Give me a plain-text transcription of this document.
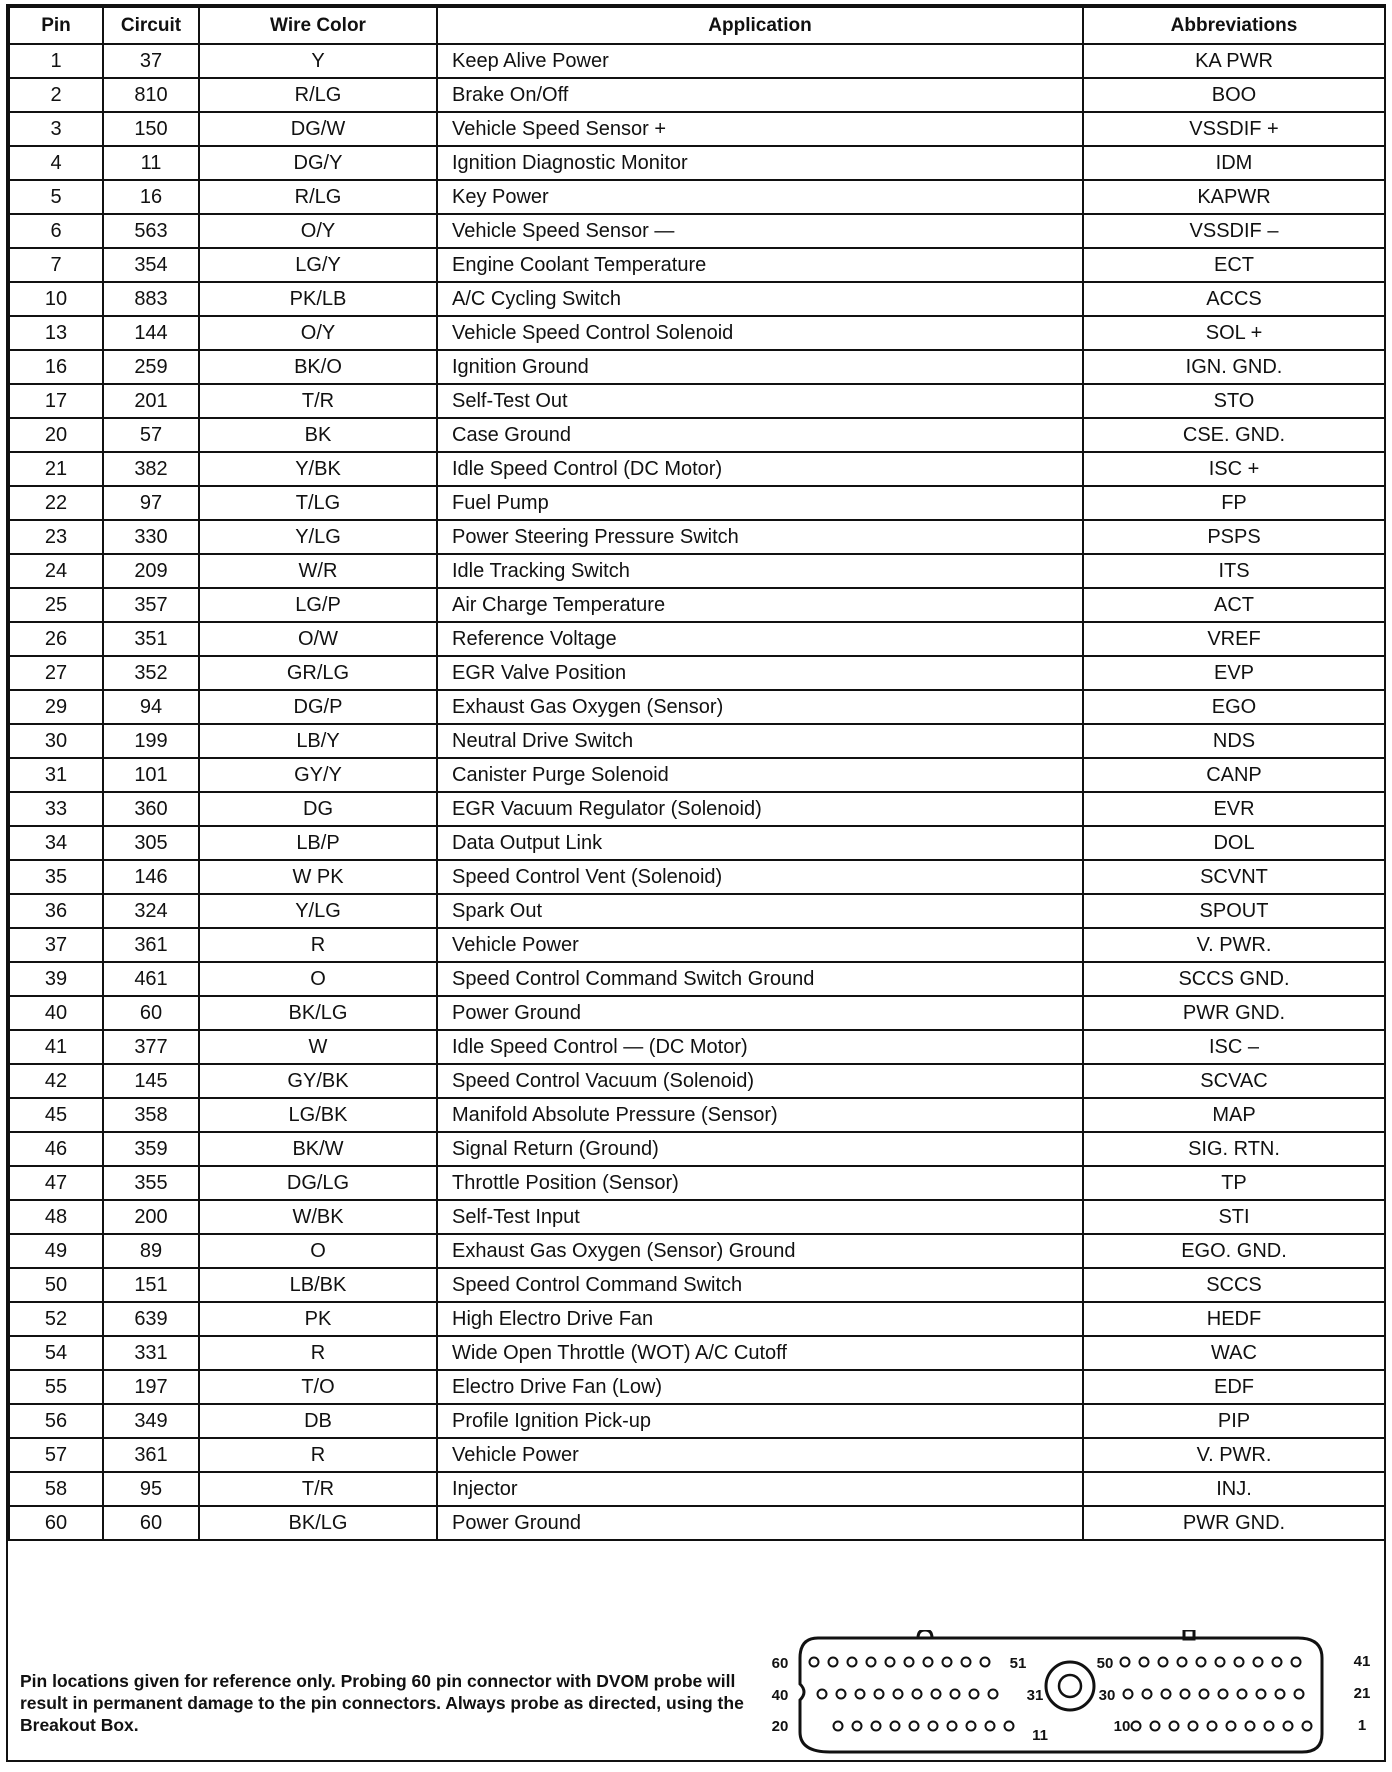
Pin	Circuit	Wire Color	Application	Abbreviations
1	37	Y	Keep Alive Power	KA PWR
2	810	R/LG	Brake On/Off	BOO
3	150	DG/W	Vehicle Speed Sensor +	VSSDIF +
4	11	DG/Y	Ignition Diagnostic Monitor	IDM
5	16	R/LG	Key Power	KAPWR
6	563	O/Y	Vehicle Speed Sensor —	VSSDIF –
7	354	LG/Y	Engine Coolant Temperature	ECT
10	883	PK/LB	A/C Cycling Switch	ACCS
13	144	O/Y	Vehicle Speed Control Solenoid	SOL +
16	259	BK/O	Ignition Ground	IGN. GND.
17	201	T/R	Self-Test Out	STO
20	57	BK	Case Ground	CSE. GND.
21	382	Y/BK	Idle Speed Control (DC Motor)	ISC +
22	97	T/LG	Fuel Pump	FP
23	330	Y/LG	Power Steering Pressure Switch	PSPS
24	209	W/R	Idle Tracking Switch	ITS
25	357	LG/P	Air Charge Temperature	ACT
26	351	O/W	Reference Voltage	VREF
27	352	GR/LG	EGR Valve Position	EVP
29	94	DG/P	Exhaust Gas Oxygen (Sensor)	EGO
30	199	LB/Y	Neutral Drive Switch	NDS
31	101	GY/Y	Canister Purge Solenoid	CANP
33	360	DG	EGR Vacuum Regulator (Solenoid)	EVR
34	305	LB/P	Data Output Link	DOL
35	146	W PK	Speed Control Vent (Solenoid)	SCVNT
36	324	Y/LG	Spark Out	SPOUT
37	361	R	Vehicle Power	V. PWR.
39	461	O	Speed Control Command Switch Ground	SCCS GND.
40	60	BK/LG	Power Ground	PWR GND.
41	377	W	Idle Speed Control — (DC Motor)	ISC –
42	145	GY/BK	Speed Control Vacuum (Solenoid)	SCVAC
45	358	LG/BK	Manifold Absolute Pressure (Sensor)	MAP
46	359	BK/W	Signal Return (Ground)	SIG. RTN.
47	355	DG/LG	Throttle Position (Sensor)	TP
48	200	W/BK	Self-Test Input	STI
49	89	O	Exhaust Gas Oxygen (Sensor) Ground	EGO. GND.
50	151	LB/BK	Speed Control Command Switch	SCCS
52	639	PK	High Electro Drive Fan	HEDF
54	331	R	Wide Open Throttle (WOT) A/C Cutoff	WAC
55	197	T/O	Electro Drive Fan (Low)	EDF
56	349	DB	Profile Ignition Pick-up	PIP
57	361	R	Vehicle Power	V. PWR.
58	95	T/R	Injector	INJ.
60	60	BK/LG	Power Ground	PWR GND.
Pin locations given for reference only. Probing 60 pin connector with DVOM probe will result in permanent damage to the pin connectors. Always probe as directed, using the Breakout Box.
60
40
20
41
21
1
51
31
11
50
30
10
